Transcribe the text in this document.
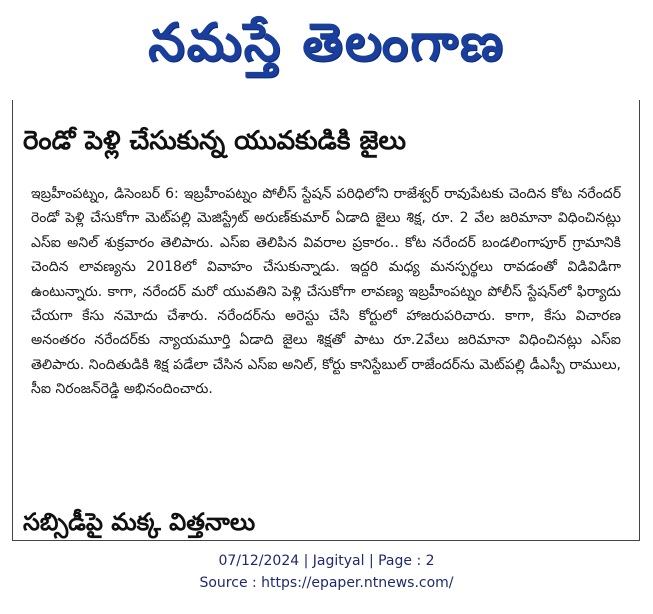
నమస్తే తెలంగాణ
రెండో పెళ్లి చేసుకున్న యువకుడికి జైలు
ఇబ్రహీంపట్నం, డిసెంబర్ 6: ఇబ్రహీంపట్నం పోలీస్ స్టేషన్ పరిధిలోని రాజేశ్వర్ రావుపేటకు చెందిన కోట నరేందర్ రెండో పెళ్లి చేసుకోగా మెట్‌పల్లి మెజిస్ట్రేట్ అరుణ్‌కుమార్ ఏడాది జైలు శిక్ష, రూ. 2 వేల జరిమానా విధించినట్లు ఎస్‌ఐ అనిల్ శుక్రవారం తెలిపారు. ఎస్‌ఐ తెలిపిన వివరాల ప్రకారం.. కోట నరేందర్ బండలింగాపూర్ గ్రామానికి చెందిన లావణ్యను 2018లో వివాహం చేసుకున్నాడు. ఇద్దరి మధ్య మనస్పర్థలు రావడంతో విడివిడిగా ఉంటున్నారు. కాగా, నరేందర్ మరో యువతిని పెళ్లి చేసుకోగా లావణ్య ఇబ్రహీంపట్నం పోలీస్ స్టేషన్‌లో ఫిర్యాదు చేయగా కేసు నమోదు చేశారు. నరేందర్‌ను అరెస్టు చేసి కోర్టులో హాజరుపరిచారు. కాగా, కేసు విచారణ అనంతరం నరేందర్‌కు న్యాయమూర్తి ఏడాది జైలు శిక్షతో పాటు రూ.2వేలు జరిమానా విధించినట్లు ఎస్‌ఐ తెలిపారు. నిందితుడికి శిక్ష పడేలా చేసిన ఎస్‌ఐ అనిల్, కోర్టు కానిస్టేబుల్ రాజేందర్‌ను మెట్‌పల్లి డీఎస్పీ రాములు, సీఐ నిరంజన్‌రెడ్డి అభినందించారు.
సబ్సిడీపై మక్క విత్తనాలు
07/12/2024 | Jagityal | Page : 2
Source : https://epaper.ntnews.com/
